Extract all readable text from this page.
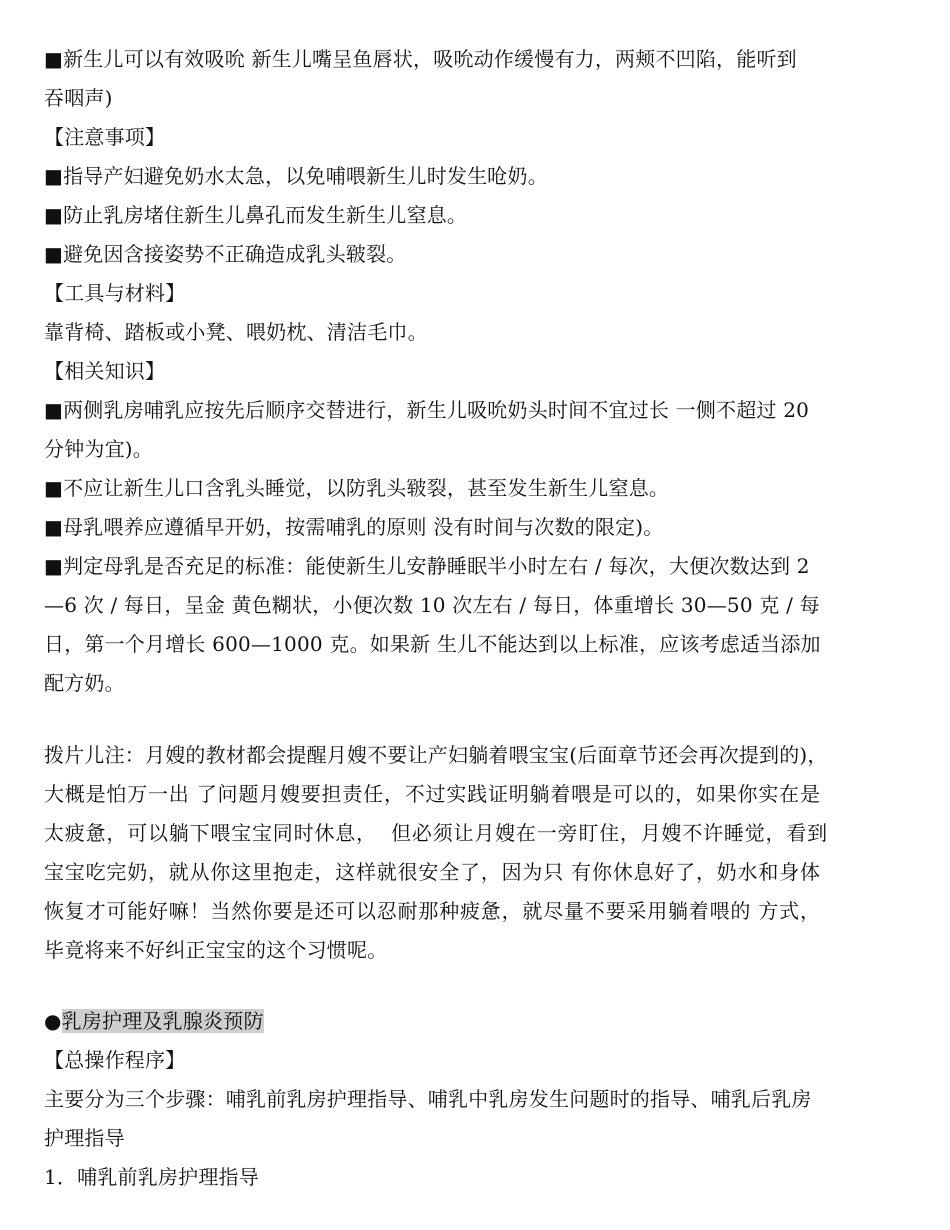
■新生儿可以有效吸吮 新生儿嘴呈鱼唇状，吸吮动作缓慢有力，两颊不凹陷，能听到
吞咽声)
【注意事项】
■指导产妇避免奶水太急，以免哺喂新生儿时发生呛奶。
■防止乳房堵住新生儿鼻孔而发生新生儿窒息。
■避免因含接姿势不正确造成乳头皲裂。
【工具与材料】
靠背椅、踏板或小凳、喂奶枕、清洁毛巾。
【相关知识】
■两侧乳房哺乳应按先后顺序交替进行，新生儿吸吮奶头时间不宜过长 一侧不超过 20
分钟为宜)。
■不应让新生儿口含乳头睡觉，以防乳头皲裂，甚至发生新生儿窒息。
■母乳喂养应遵循早开奶，按需哺乳的原则 没有时间与次数的限定)。
■判定母乳是否充足的标准：能使新生儿安静睡眠半小时左右 / 每次，大便次数达到 2
—6 次 / 每日，呈金 黄色糊状，小便次数 10 次左右 / 每日，体重增长 30—50 克 / 每
日，第一个月增长 600—1000 克。如果新 生儿不能达到以上标准，应该考虑适当添加
配方奶。
拨片儿注：月嫂的教材都会提醒月嫂不要让产妇躺着喂宝宝(后面章节还会再次提到的)，
大概是怕万一出 了问题月嫂要担责任，不过实践证明躺着喂是可以的，如果你实在是
太疲惫，可以躺下喂宝宝同时休息，  但必须让月嫂在一旁盯住，月嫂不许睡觉，看到
宝宝吃完奶，就从你这里抱走，这样就很安全了，因为只 有你休息好了，奶水和身体
恢复才可能好嘛！当然你要是还可以忍耐那种疲惫，就尽量不要采用躺着喂的 方式，
毕竟将来不好纠正宝宝的这个习惯呢。
●乳房护理及乳腺炎预防
【总操作程序】
主要分为三个步骤：哺乳前乳房护理指导、哺乳中乳房发生问题时的指导、哺乳后乳房
护理指导
1．哺乳前乳房护理指导
